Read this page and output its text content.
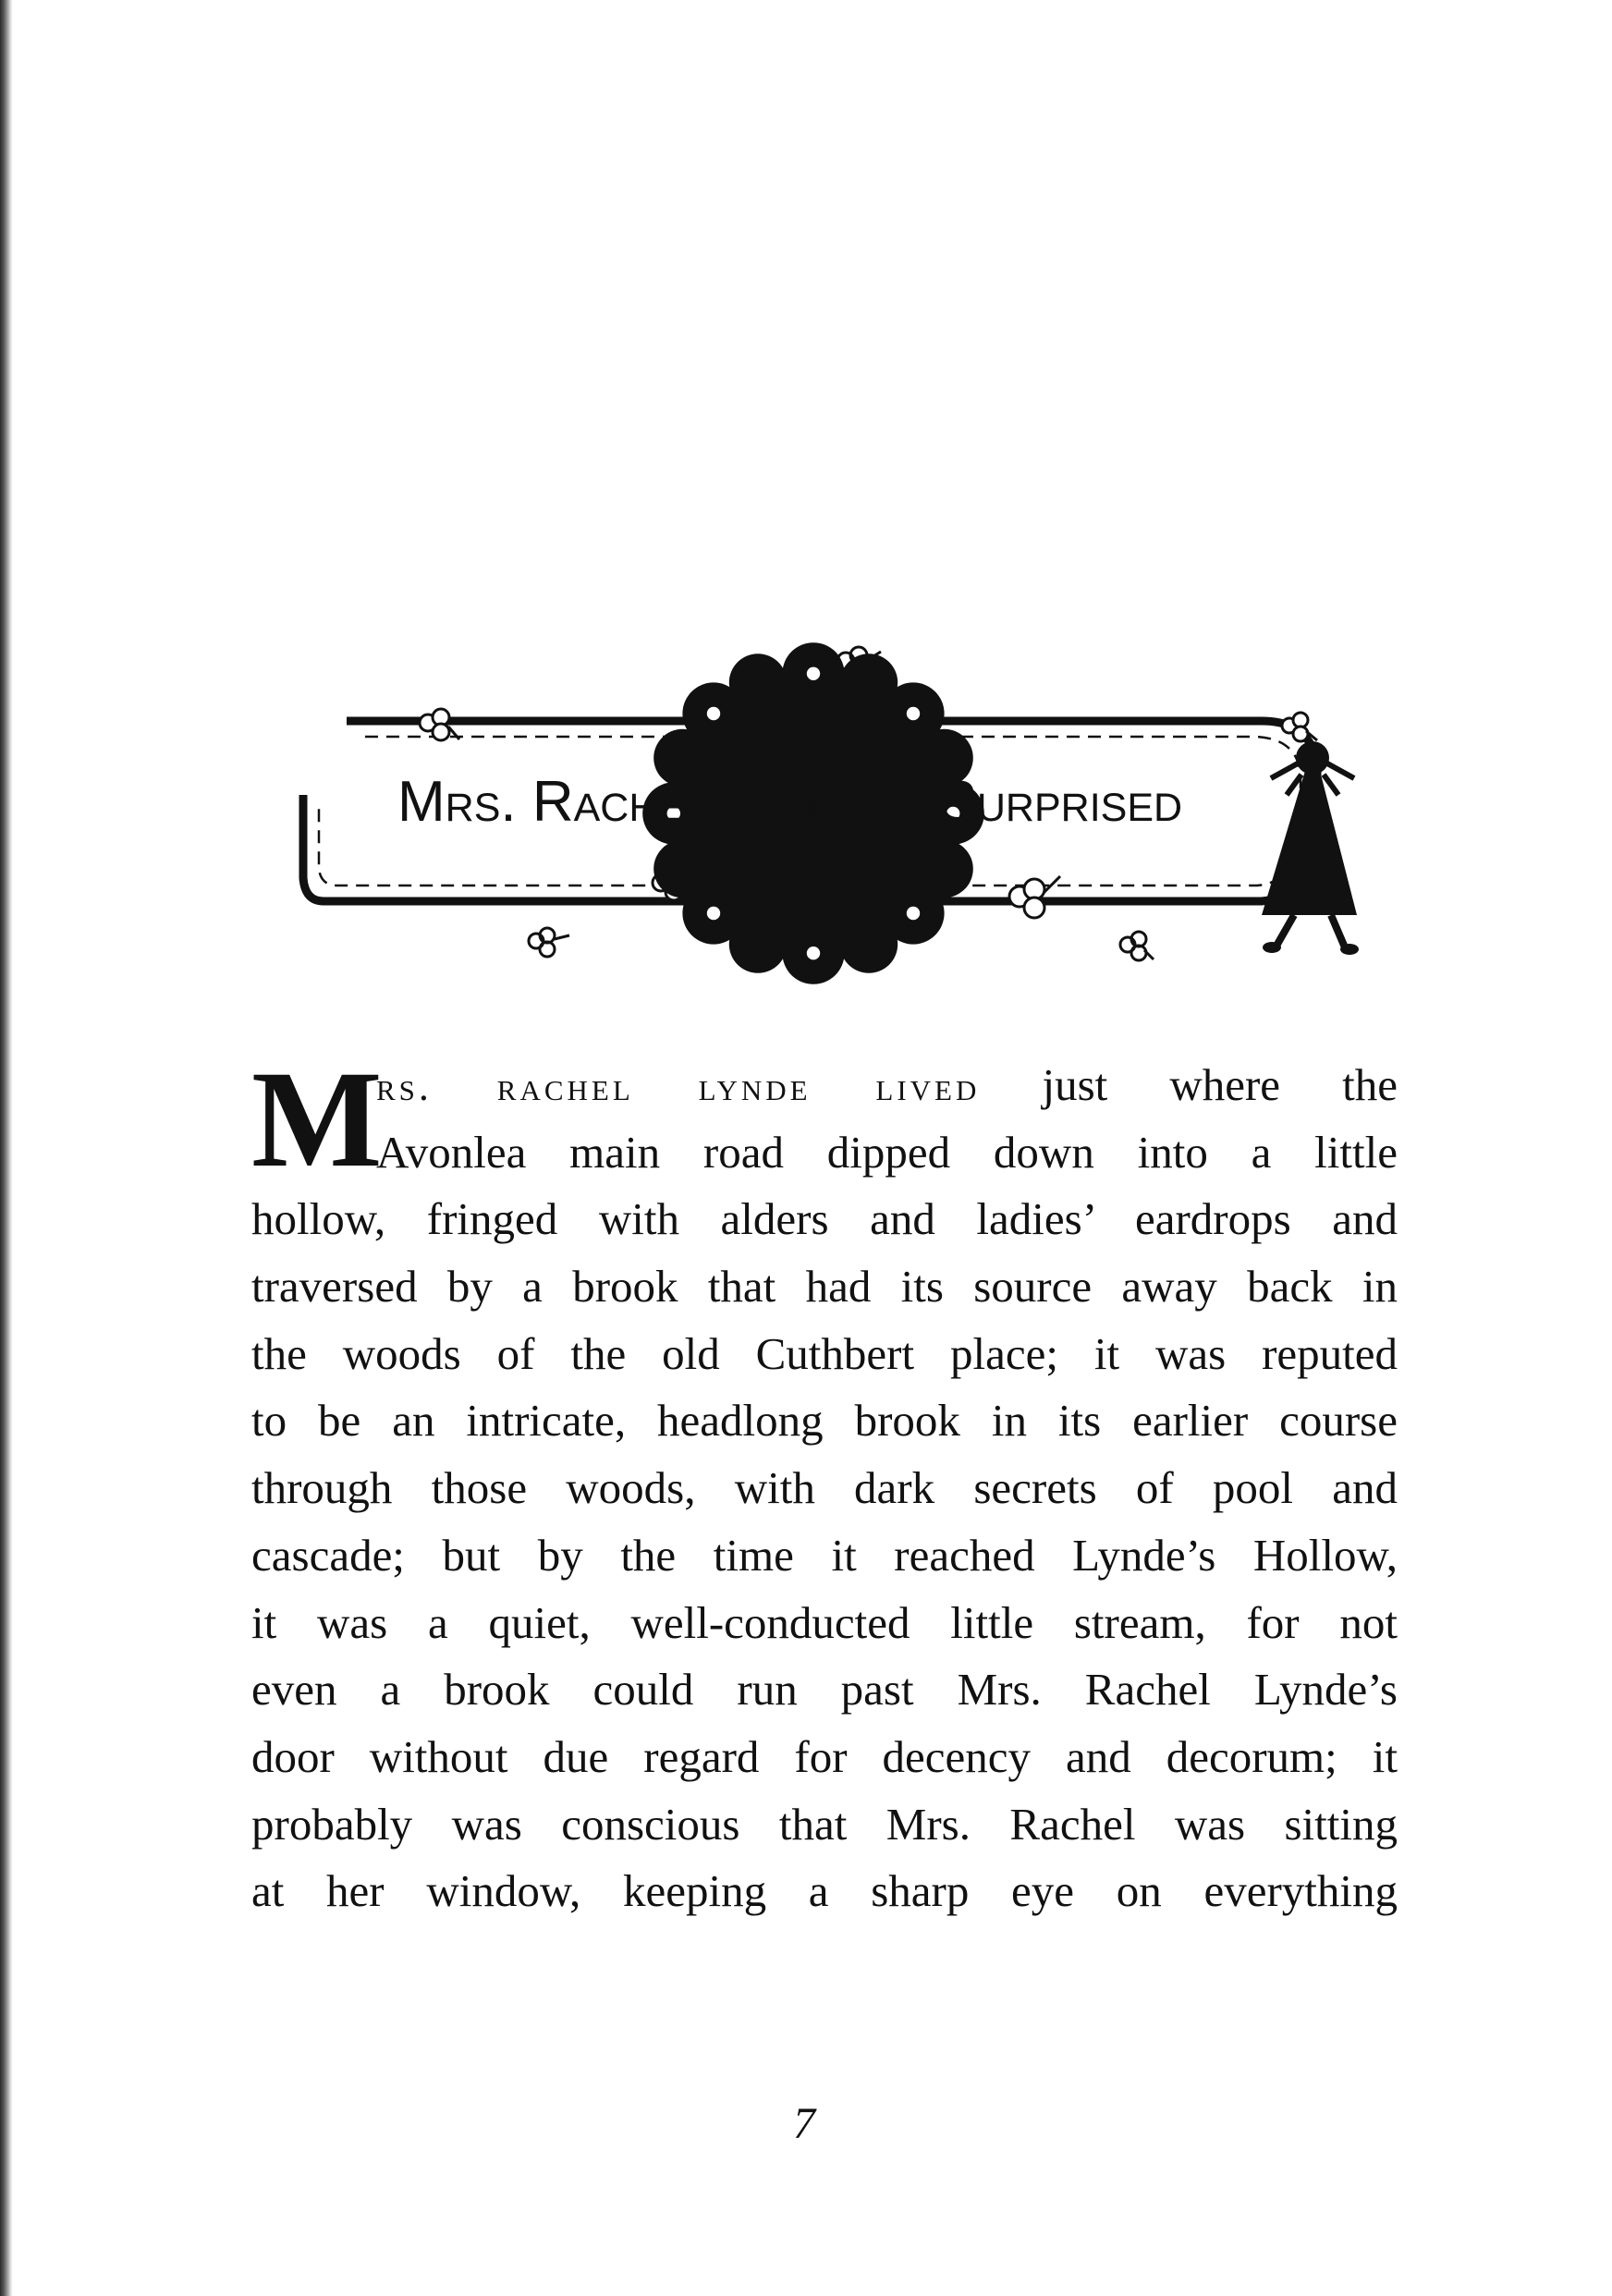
1
Mrs. Rachel Lynde Is Surprised
M
rs. rachel lynde lived just where the
Avonlea main road dipped down into a little
hollow, fringed with alders and ladies’ eardrops and
traversed by a brook that had its source away back in
the woods of the old Cuthbert place; it was reputed
to be an intricate, headlong brook in its earlier course
through those woods, with dark secrets of pool and
cascade; but by the time it reached Lynde’s Hollow,
it was a quiet, well-conducted little stream, for not
even a brook could run past Mrs. Rachel Lynde’s
door without due regard for decency and decorum; it
probably was conscious that Mrs. Rachel was sitting
at her window, keeping a sharp eye on everything
7
